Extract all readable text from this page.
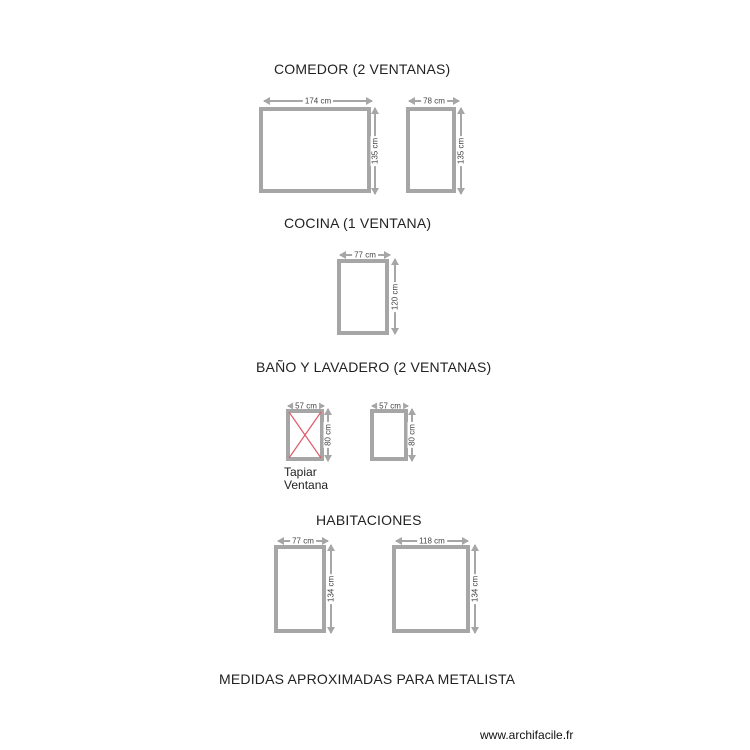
COMEDOR (2 VENTANAS)
174 cm
135 cm
78 cm
135 cm
COCINA (1 VENTANA)
77 cm
120 cm
BAÑO Y LAVADERO (2 VENTANAS)
57 cm
80 cm
Tapiar
Ventana
57 cm
80 cm
HABITACIONES
77 cm
134 cm
118 cm
134 cm
MEDIDAS APROXIMADAS PARA METALISTA
www.archifacile.fr
